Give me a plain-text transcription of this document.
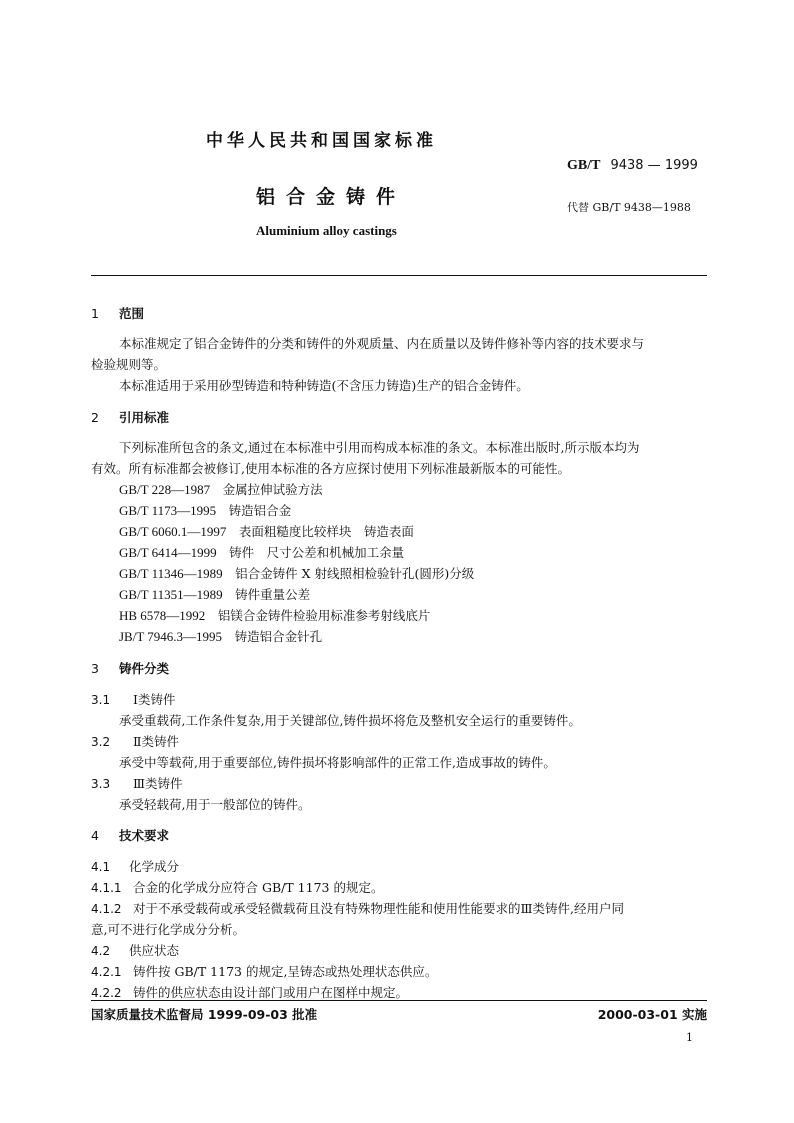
中华人民共和国国家标准
GB/T 9438 — 1999
铝合金铸件	代替 GB/T 9438—1988
Aluminium alloy castings
1 范围
本标准规定了铝合金铸件的分类和铸件的外观质量、内在质量以及铸件修补等内容的技术要求与
检验规则等。
本标准适用于采用砂型铸造和特种铸造(不含压力铸造)生产的铝合金铸件。
2 引用标准
下列标准所包含的条文,通过在本标准中引用而构成本标准的条文。本标准出版时,所示版本均为
有效。所有标准都会被修订,使用本标准的各方应探讨使用下列标准最新版本的可能性。
GB/T 228—1987　 金属拉伸试验方法
GB/T 1173—1995　 铸造铝合金
GB/T 6060.1—1997　 表面粗糙度比较样块　铸造表面
GB/T 6414—1999　 铸件　尺寸公差和机械加工余量
GB/T 11346—1989　 铝合金铸件 X 射线照相检验针孔(圆形)分级
GB/T 11351—1989　 铸件重量公差
HB 6578—1992　 铝镁合金铸件检验用标准参考射线底片
JB/T 7946.3—1995　 铸造铝合金针孔
3 铸件分类
3.1 Ⅰ类铸件
承受重载荷,工作条件复杂,用于关键部位,铸件损坏将危及整机安全运行的重要铸件。
3.2 Ⅱ类铸件
承受中等载荷,用于重要部位,铸件损坏将影响部件的正常工作,造成事故的铸件。
3.3 Ⅲ类铸件
承受轻载荷,用于一般部位的铸件。
4 技术要求
4.1 化学成分
4.1.1 合金的化学成分应符合 GB/T 1173 的规定。
4.1.2 对于不承受载荷或承受轻微载荷且没有特殊物理性能和使用性能要求的Ⅲ类铸件,经用户同
意,可不进行化学成分分析。
4.2 供应状态
4.2.1 铸件按 GB/T 1173 的规定,呈铸态或热处理状态供应。
4.2.2 铸件的供应状态由设计部门或用户在图样中规定。
国家质量技术监督局 1999-09-03 批准	2000-03-01 实施
1
